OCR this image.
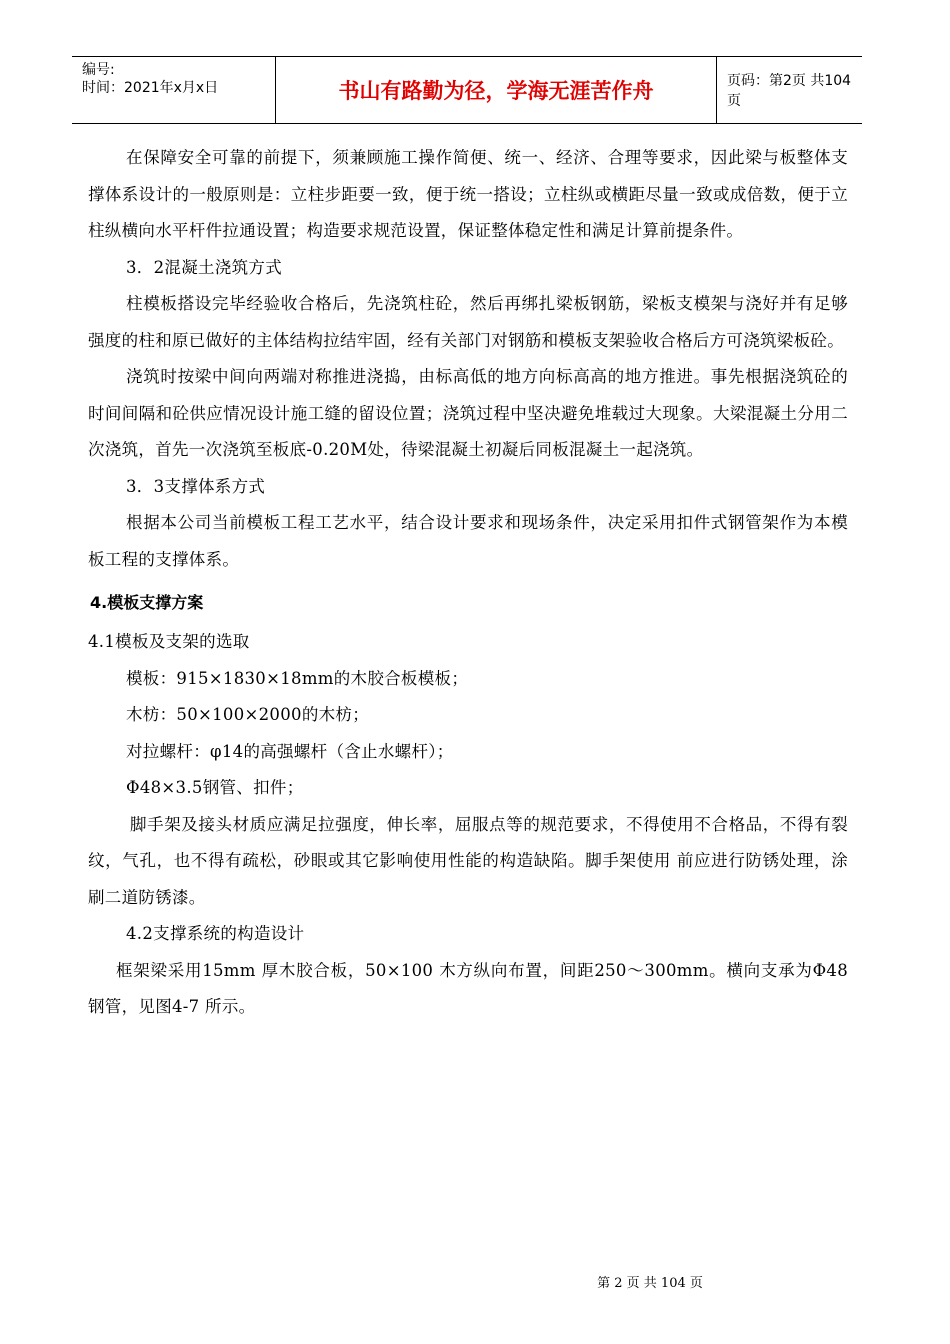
编号:
时间：2021年x月x日	书山有路勤为径，学海无涯苦作舟	页码：第2页 共104页

在保障安全可靠的前提下，须兼顾施工操作简便、统一、经济、合理等要求，因此梁与板整体支撑体系设计的一般原则是：立柱步距要一致，便于统一搭设；立柱纵或横距尽量一致或成倍数，便于立柱纵横向水平杆件拉通设置；构造要求规范设置，保证整体稳定性和满足计算前提条件。

3．2混凝土浇筑方式

柱模板搭设完毕经验收合格后，先浇筑柱砼，然后再绑扎梁板钢筋，梁板支模架与浇好并有足够强度的柱和原已做好的主体结构拉结牢固，经有关部门对钢筋和模板支架验收合格后方可浇筑梁板砼。

浇筑时按梁中间向两端对称推进浇捣，由标高低的地方向标高高的地方推进。事先根据浇筑砼的时间间隔和砼供应情况设计施工缝的留设位置；浇筑过程中坚决避免堆载过大现象。大梁混凝土分用二次浇筑，首先一次浇筑至板底-0.20M处，待梁混凝土初凝后同板混凝土一起浇筑。

3．3支撑体系方式

根据本公司当前模板工程工艺水平，结合设计要求和现场条件，决定采用扣件式钢管架作为本模板工程的支撑体系。

4.模板支撑方案

4.1模板及支架的选取

模板：915×1830×18mm的木胶合板模板；

木枋：50×100×2000的木枋；

对拉螺杆：φ14的高强螺杆（含止水螺杆）；

Φ48×3.5钢管、扣件；

脚手架及接头材质应满足拉强度，伸长率，屈服点等的规范要求，不得使用不合格品，不得有裂纹，气孔，也不得有疏松，砂眼或其它影响使用性能的构造缺陷。脚手架使用 前应进行防锈处理，涂刷二道防锈漆。

4.2支撑系统的构造设计

框架梁采用15mm 厚木胶合板，50×100 木方纵向布置，间距250～300mm。横向支承为Φ48 钢管，见图4-7 所示。

第 2 页 共 104 页
